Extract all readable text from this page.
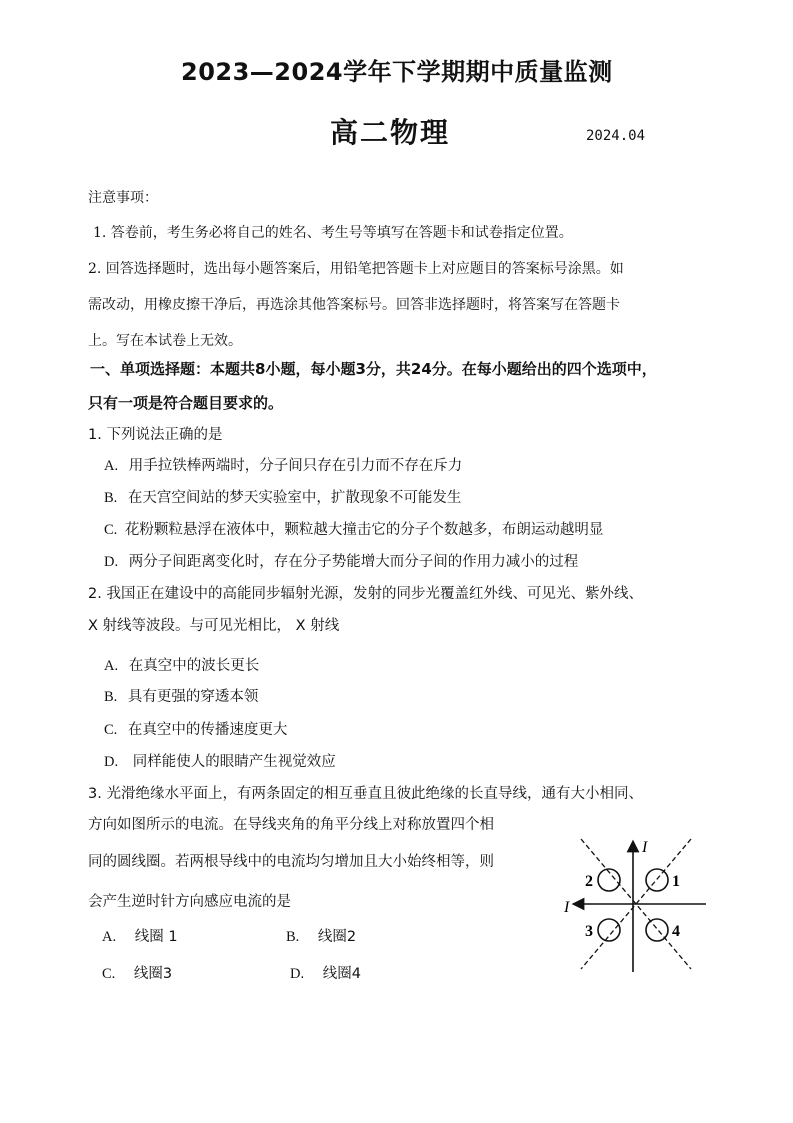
2023—2024学年下学期期中质量监测
高二物理	2024.04
注意事项：
1. 答卷前，考生务必将自己的姓名、考生号等填写在答题卡和试卷指定位置。
2. 回答选择题时，选出每小题答案后，用铅笔把答题卡上对应题目的答案标号涂黑。如
需改动，用橡皮擦干净后，再选涂其他答案标号。回答非选择题时，将答案写在答题卡
上。写在本试卷上无效。
一、单项选择题：本题共8小题，每小题3分，共24分。在每小题给出的四个选项中，
只有一项是符合题目要求的。
1. 下列说法正确的是
A. 用手拉铁棒两端时，分子间只存在引力而不存在斥力
B. 在天宫空间站的梦天实验室中，扩散现象不可能发生
C. 花粉颗粒悬浮在液体中，颗粒越大撞击它的分子个数越多，布朗运动越明显
D. 两分子间距离变化时，存在分子势能增大而分子间的作用力减小的过程
2. 我国正在建设中的高能同步辐射光源，发射的同步光覆盖红外线、可见光、紫外线、
X 射线等波段。与可见光相比， X 射线
A. 在真空中的波长更长
B. 具有更强的穿透本领
C. 在真空中的传播速度更大
D. 同样能使人的眼睛产生视觉效应
3. 光滑绝缘水平面上，有两条固定的相互垂直且彼此绝缘的长直导线，通有大小相同、
方向如图所示的电流。在导线夹角的角平分线上对称放置四个相
同的圆线圈。若两根导线中的电流均匀增加且大小始终相等，则
会产生逆时针方向感应电流的是
A. 线圈 1	B. 线圈2
C. 线圈3	D. 线圈4
I
I
1
2
3	4
